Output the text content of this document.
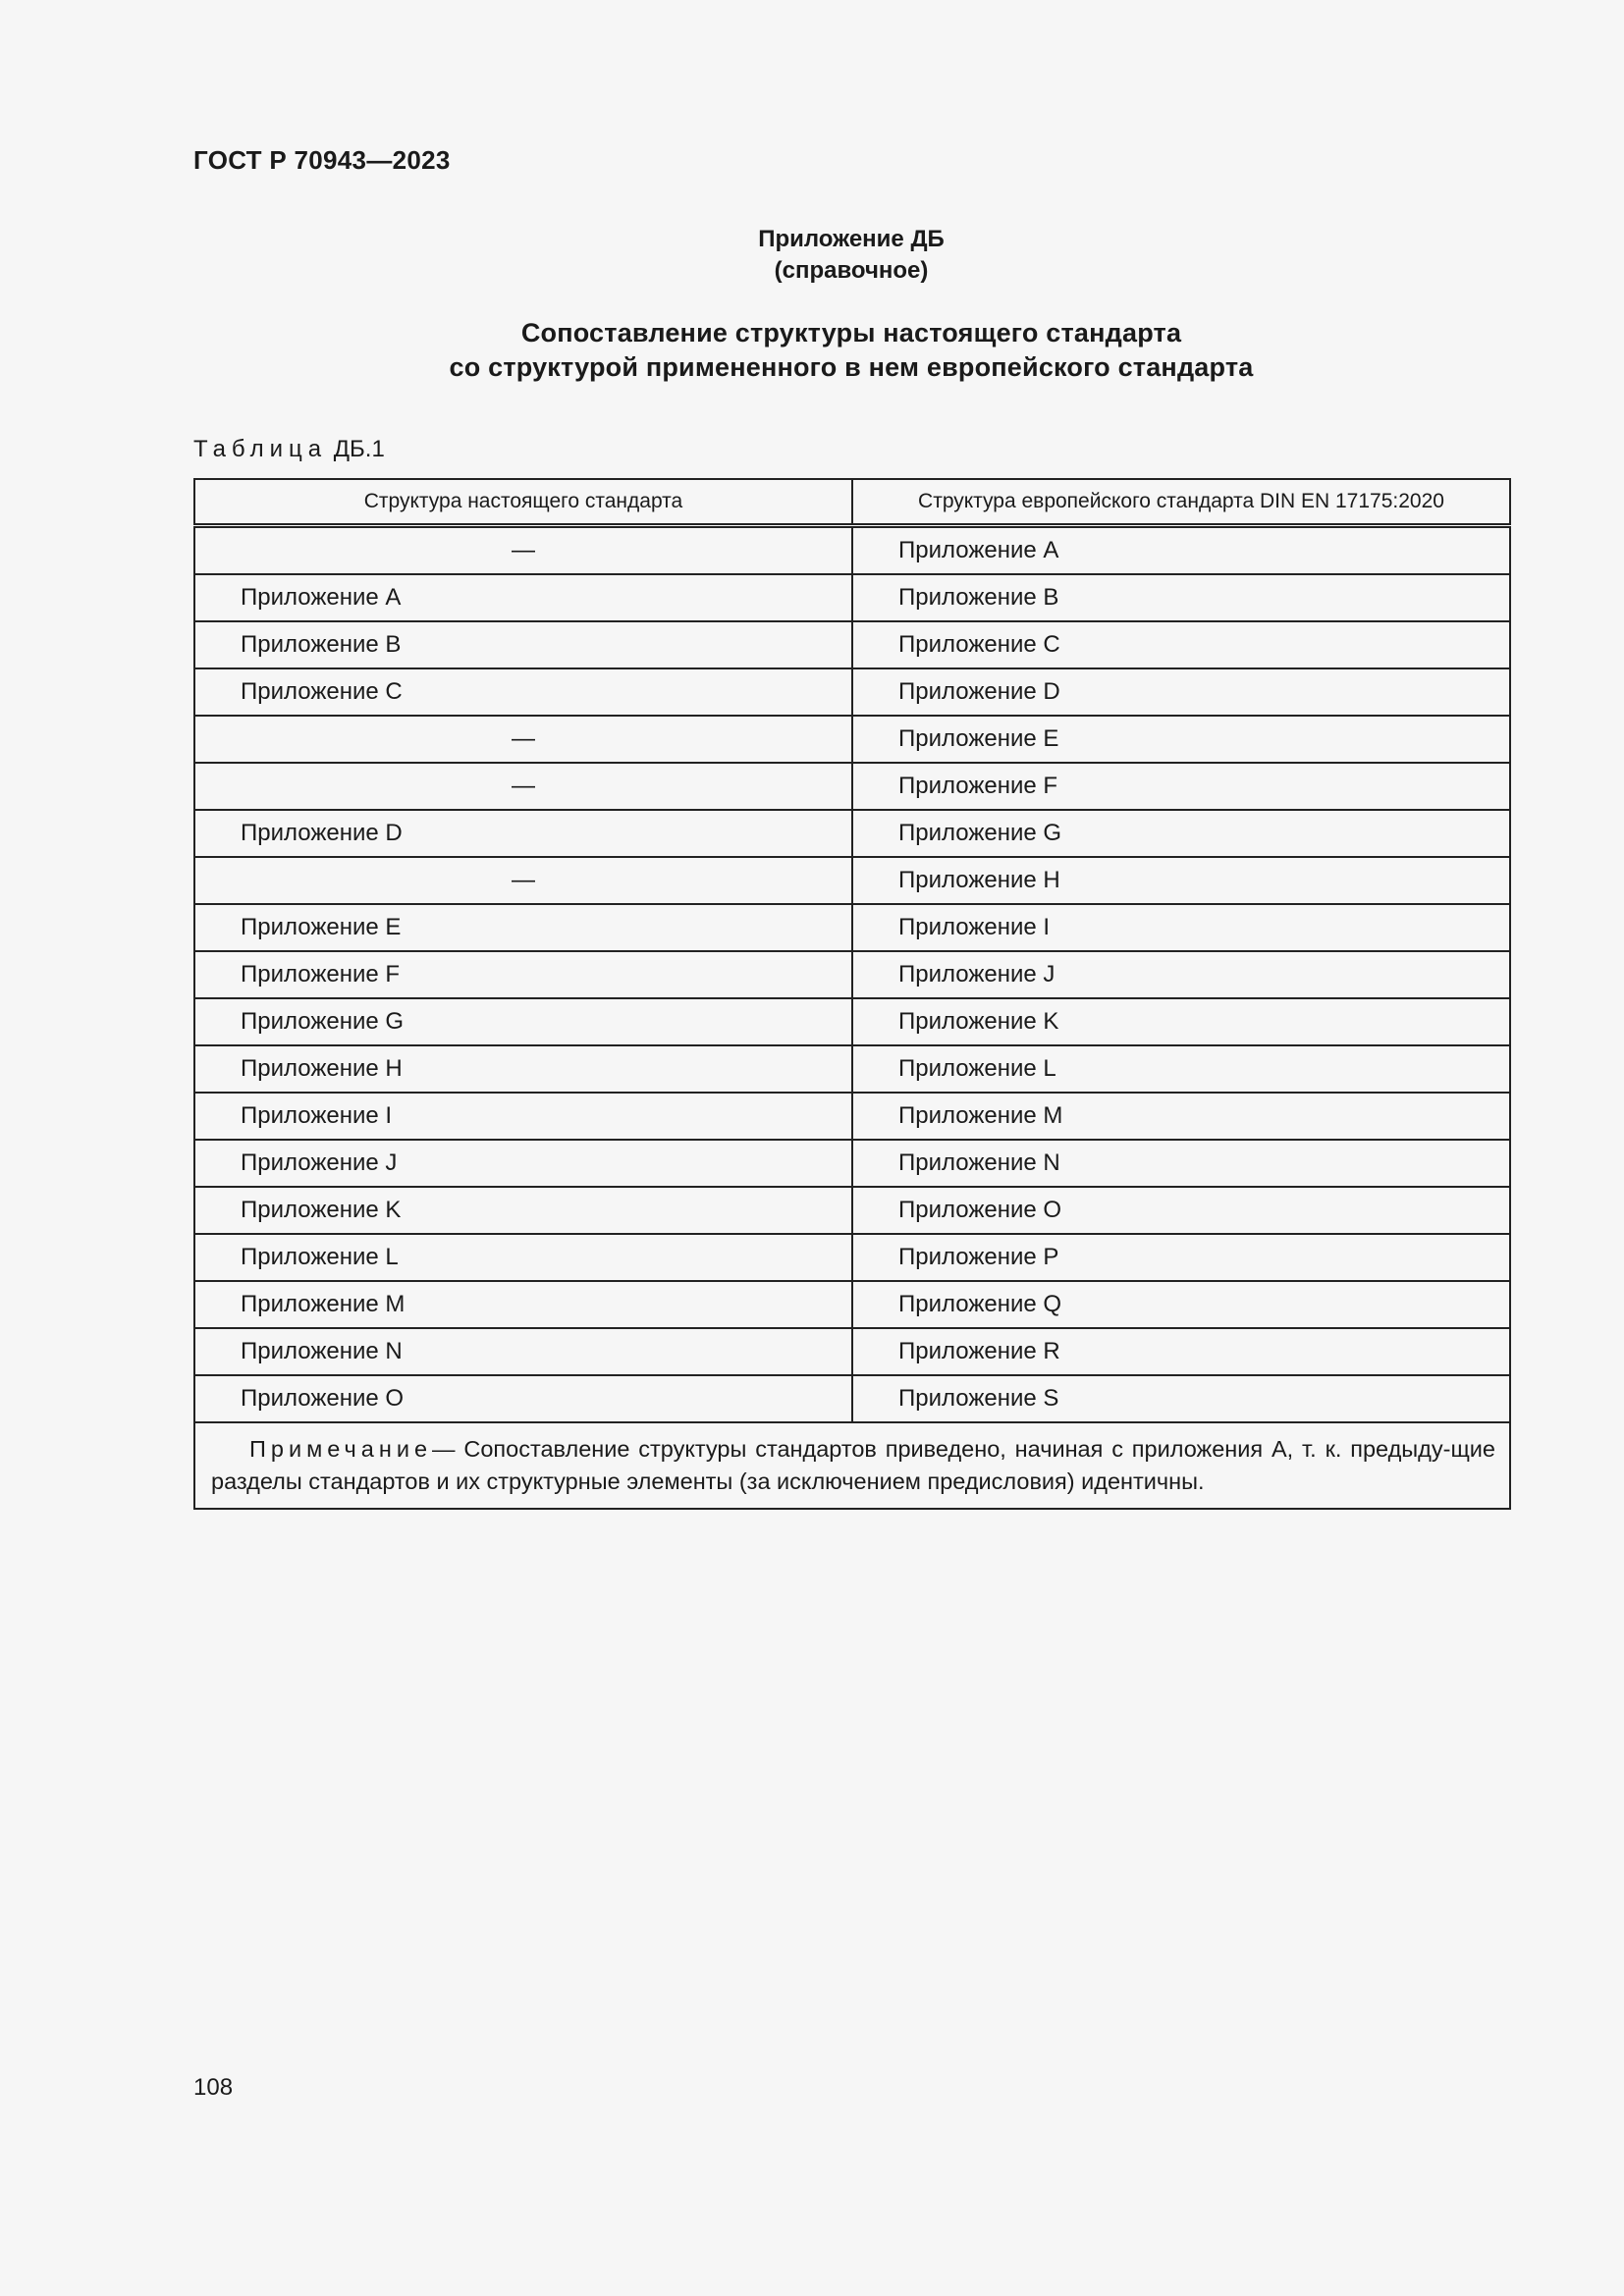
ГОСТ Р 70943—2023
Приложение ДБ
(справочное)
Сопоставление структуры настоящего стандарта
со структурой примененного в нем европейского стандарта
Таблица ДБ.1
Структура настоящего стандарта	Структура европейского стандарта DIN EN 17175:2020
—	Приложение A
Приложение А	Приложение B
Приложение B	Приложение C
Приложение C	Приложение D
—	Приложение E
—	Приложение F
Приложение D	Приложение G
—	Приложение H
Приложение E	Приложение I
Приложение F	Приложение J
Приложение G	Приложение K
Приложение H	Приложение L
Приложение I	Приложение M
Приложение J	Приложение N
Приложение K	Приложение O
Приложение L	Приложение P
Приложение M	Приложение Q
Приложение N	Приложение R
Приложение O	Приложение S
Примечание— Сопоставление структуры стандартов приведено, начиная с приложения А, т. к. предыду-щие разделы стандартов и их структурные элементы (за исключением предисловия) идентичны.	
108
